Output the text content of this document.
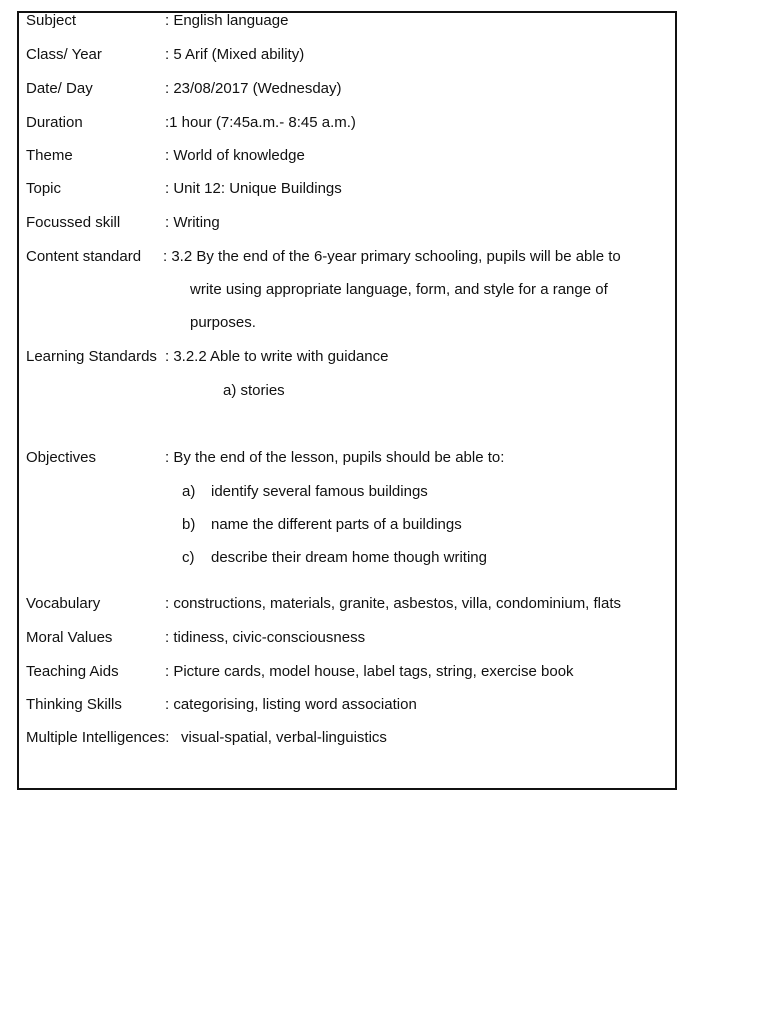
Subject	: English language
Class/ Year	: 5 Arif (Mixed ability)
Date/ Day	: 23/08/2017 (Wednesday)
Duration	:1 hour (7:45a.m.- 8:45 a.m.)
Theme	: World of knowledge
Topic	: Unit 12: Unique Buildings
Focussed skill	: Writing
Content standard : 3.2 By the end of the 6-year primary schooling, pupils will be able to
write using appropriate language, form, and style for a range of
purposes.
Learning Standards : 3.2.2 Able to write with guidance
a) stories
Objectives	: By the end of the lesson, pupils should be able to:
a) identify several famous buildings
b) name the different parts of a buildings
c) describe their dream home though writing
Vocabulary	: constructions, materials, granite, asbestos, villa, condominium, flats
Moral Values	: tidiness, civic-consciousness
Teaching Aids	: Picture cards, model house, label tags, string, exercise book
Thinking Skills	: categorising, listing word association
Multiple Intelligences: visual-spatial, verbal-linguistics
